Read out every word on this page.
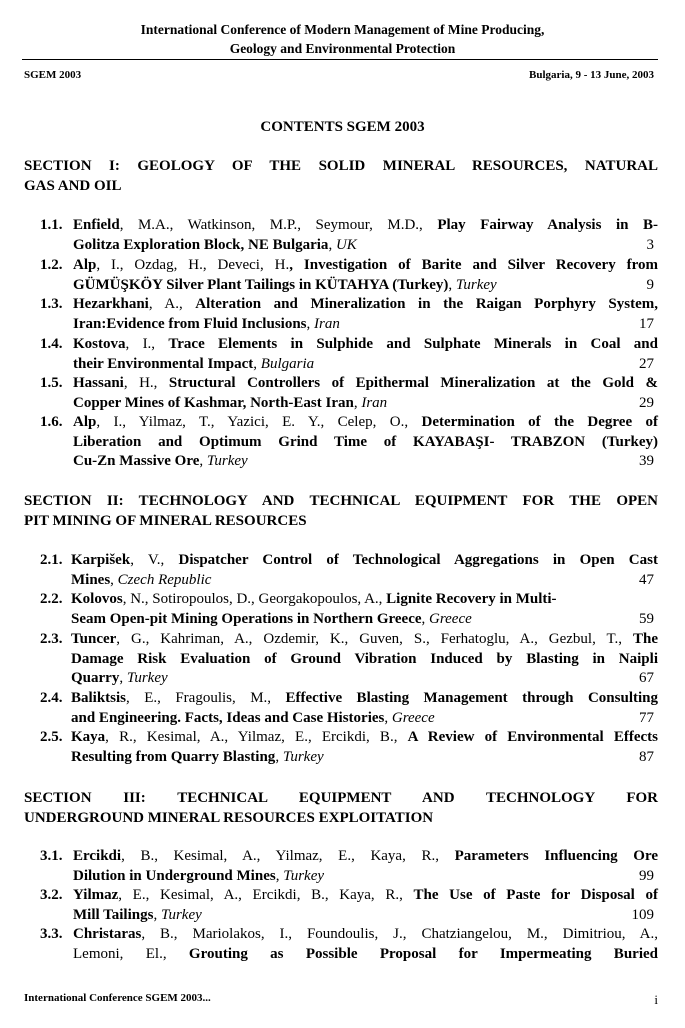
International Conference of Modern Management of Mine Producing,
Geology and Environmental Protection
SGEM 2003	Bulgaria, 9 - 13 June, 2003
CONTENTS SGEM 2003
SECTION I: GEOLOGY OF THE SOLID MINERAL RESOURCES, NATURAL
GAS AND OIL
1.1. Enfield, M.A., Watkinson, M.P., Seymour, M.D., Play Fairway Analysis in B-
Golitza Exploration Block, NE Bulgaria, UK	3
1.2. Alp, I., Ozdag, H., Deveci, H., Investigation of Barite and Silver Recovery from
GÜMÜŞKÖY Silver Plant Tailings in KÜTAHYA (Turkey), Turkey	9
1.3. Hezarkhani, A., Alteration and Mineralization in the Raigan Porphyry System,
Iran:Evidence from Fluid Inclusions, Iran	17
1.4. Kostova, I., Trace Elements in Sulphide and Sulphate Minerals in Coal and
their Environmental Impact, Bulgaria	27
1.5. Hassani, H., Structural Controllers of Epithermal Mineralization at the Gold &
Copper Mines of Kashmar, North-East Iran, Iran	29
1.6. Alp, I., Yilmaz, T., Yazici, E. Y., Celep, O., Determination of the Degree of
Liberation and Optimum Grind Time of KAYABAŞI- TRABZON (Turkey)
Cu-Zn Massive Ore, Turkey	39
SECTION II: TECHNOLOGY AND TECHNICAL EQUIPMENT FOR THE OPEN
PIT MINING OF MINERAL RESOURCES
2.1. Karpišek, V., Dispatcher Control of Technological Aggregations in Open Cast
Mines, Czech Republic	47
2.2. Kolovos, N., Sotiropoulos, D., Georgakopoulos, A., Lignite Recovery in Multi-
Seam Open-pit Mining Operations in Northern Greece, Greece	59
2.3. Tuncer, G., Kahriman, A., Ozdemir, K., Guven, S., Ferhatoglu, A., Gezbul, T., The
Damage Risk Evaluation of Ground Vibration Induced by Blasting in Naipli
Quarry, Turkey	67
2.4. Baliktsis, E., Fragoulis, M., Effective Blasting Management through Consulting
and Engineering. Facts, Ideas and Case Histories, Greece	77
2.5. Kaya, R., Kesimal, A., Yilmaz, E., Ercikdi, B., A Review of Environmental Effects
Resulting from Quarry Blasting, Turkey	87
SECTION III: TECHNICAL EQUIPMENT AND TECHNOLOGY FOR
UNDERGROUND MINERAL RESOURCES EXPLOITATION
3.1. Ercikdi, B., Kesimal, A., Yilmaz, E., Kaya, R., Parameters Influencing Ore
Dilution in Underground Mines, Turkey	99
3.2. Yilmaz, E., Kesimal, A., Ercikdi, B., Kaya, R., The Use of Paste for Disposal of
Mill Tailings, Turkey	109
3.3. Christaras, B., Mariolakos, I., Foundoulis, J., Chatziangelou, M., Dimitriou, A.,
Lemoni, El., Grouting as Possible Proposal for Impermeating Buried
International Conference SGEM 2003...	i
